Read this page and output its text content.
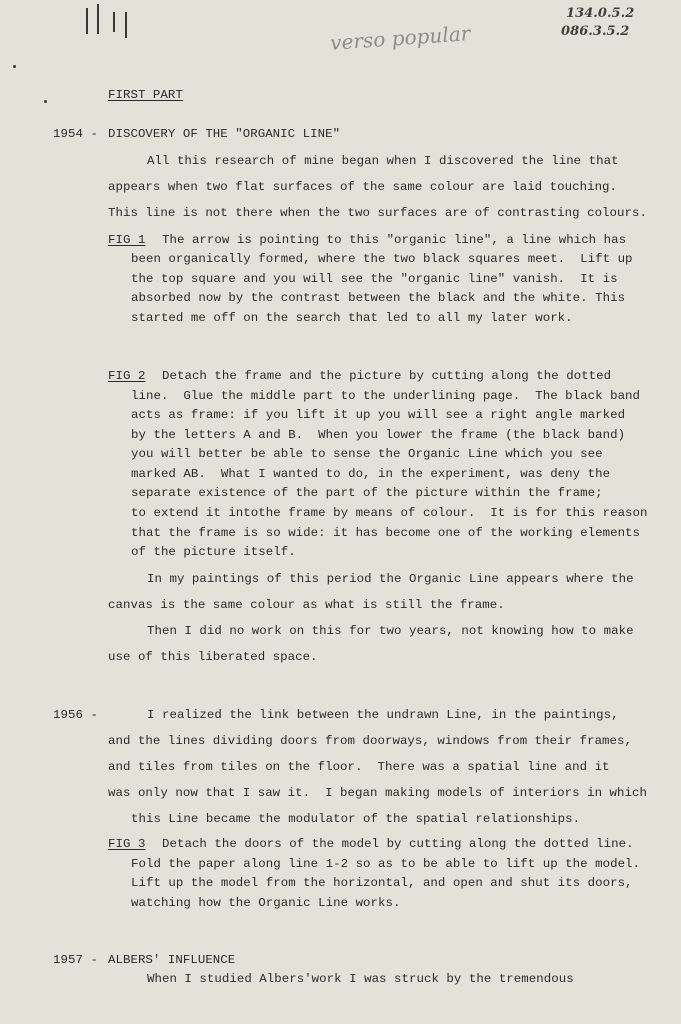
verso popular
134.0.5.2
086.3.5.2
FIRST PART
1954 - DISCOVERY OF THE "ORGANIC LINE"
All this research of mine began when I discovered the line that
appears when two flat surfaces of the same colour are laid touching.
This line is not there when the two surfaces are of contrasting colours.
FIG 1 The arrow is pointing to this "organic line", a line which has
been organically formed, where the two black squares meet.  Lift up
the top square and you will see the "organic line" vanish.  It is
absorbed now by the contrast between the black and the white. This
started me off on the search that led to all my later work.
FIG 2 Detach the frame and the picture by cutting along the dotted
line.  Glue the middle part to the underlining page.  The black band
acts as frame: if you lift it up you will see a right angle marked
by the letters A and B.  When you lower the frame (the black band)
you will better be able to sense the Organic Line which you see
marked AB.  What I wanted to do, in the experiment, was deny the
separate existence of the part of the picture within the frame;
to extend it intothe frame by means of colour.  It is for this reason
that the frame is so wide: it has become one of the working elements
of the picture itself.
In my paintings of this period the Organic Line appears where the
canvas is the same colour as what is still the frame.
Then I did no work on this for two years, not knowing how to make
use of this liberated space.
1956 -	I realized the link between the undrawn Line, in the paintings,
and the lines dividing doors from doorways, windows from their frames,
and tiles from tiles on the floor.  There was a spatial line and it
was only now that I saw it.  I began making models of interiors in which
this Line became the modulator of the spatial relationships.
FIG 3 Detach the doors of the model by cutting along the dotted line.
Fold the paper along line 1-2 so as to be able to lift up the model.
Lift up the model from the horizontal, and open and shut its doors,
watching how the Organic Line works.
1957 - ALBERS' INFLUENCE
When I studied Albers'work I was struck by the tremendous
